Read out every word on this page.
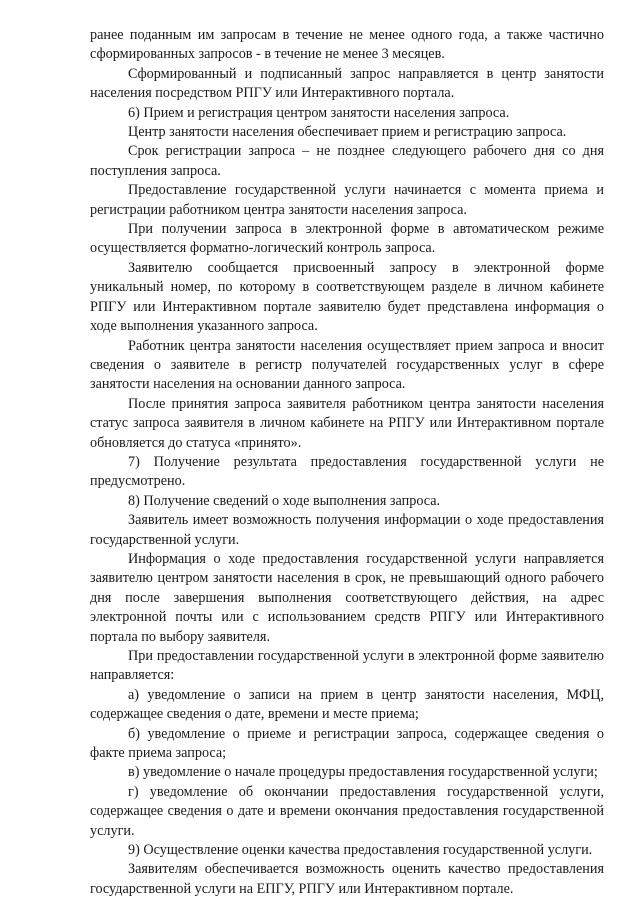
ранее поданным им запросам в течение не менее одного года, а также частично сформированных запросов - в течение не менее 3 месяцев.

Сформированный и подписанный запрос направляется в центр занятости населения посредством РПГУ или Интерактивного портала.

6) Прием и регистрация центром занятости населения запроса.

Центр занятости населения обеспечивает прием и регистрацию запроса.

Срок регистрации запроса – не позднее следующего рабочего дня со дня поступления запроса.

Предоставление государственной услуги начинается с момента приема и регистрации работником центра занятости населения запроса.

При получении запроса в электронной форме в автоматическом режиме осуществляется форматно-логический контроль запроса.

Заявителю сообщается присвоенный запросу в электронной форме уникальный номер, по которому в соответствующем разделе в личном кабинете РПГУ или Интерактивном портале заявителю будет представлена информация о ходе выполнения указанного запроса.

Работник центра занятости населения осуществляет прием запроса и вносит сведения о заявителе в регистр получателей государственных услуг в сфере занятости населения на основании данного запроса.

После принятия запроса заявителя работником центра занятости населения статус запроса заявителя в личном кабинете на РПГУ или Интерактивном портале обновляется до статуса «принято».

7) Получение результата предоставления государственной услуги не предусмотрено.

8) Получение сведений о ходе выполнения запроса.

Заявитель имеет возможность получения информации о ходе предоставления государственной услуги.

Информация о ходе предоставления государственной услуги направляется заявителю центром занятости населения в срок, не превышающий одного рабочего дня после завершения выполнения соответствующего действия, на адрес электронной почты или с использованием средств РПГУ или Интерактивного портала по выбору заявителя.

При предоставлении государственной услуги в электронной форме заявителю направляется:

а) уведомление о записи на прием в центр занятости населения, МФЦ, содержащее сведения о дате, времени и месте приема;

б) уведомление о приеме и регистрации запроса, содержащее сведения о факте приема запроса;

в) уведомление о начале процедуры предоставления государственной услуги;

г) уведомление об окончании предоставления государственной услуги, содержащее сведения о дате и времени окончания предоставления государственной услуги.

9) Осуществление оценки качества предоставления государственной услуги.

Заявителям обеспечивается возможность оценить качество предоставления государственной услуги на ЕПГУ, РПГУ или Интерактивном портале.
